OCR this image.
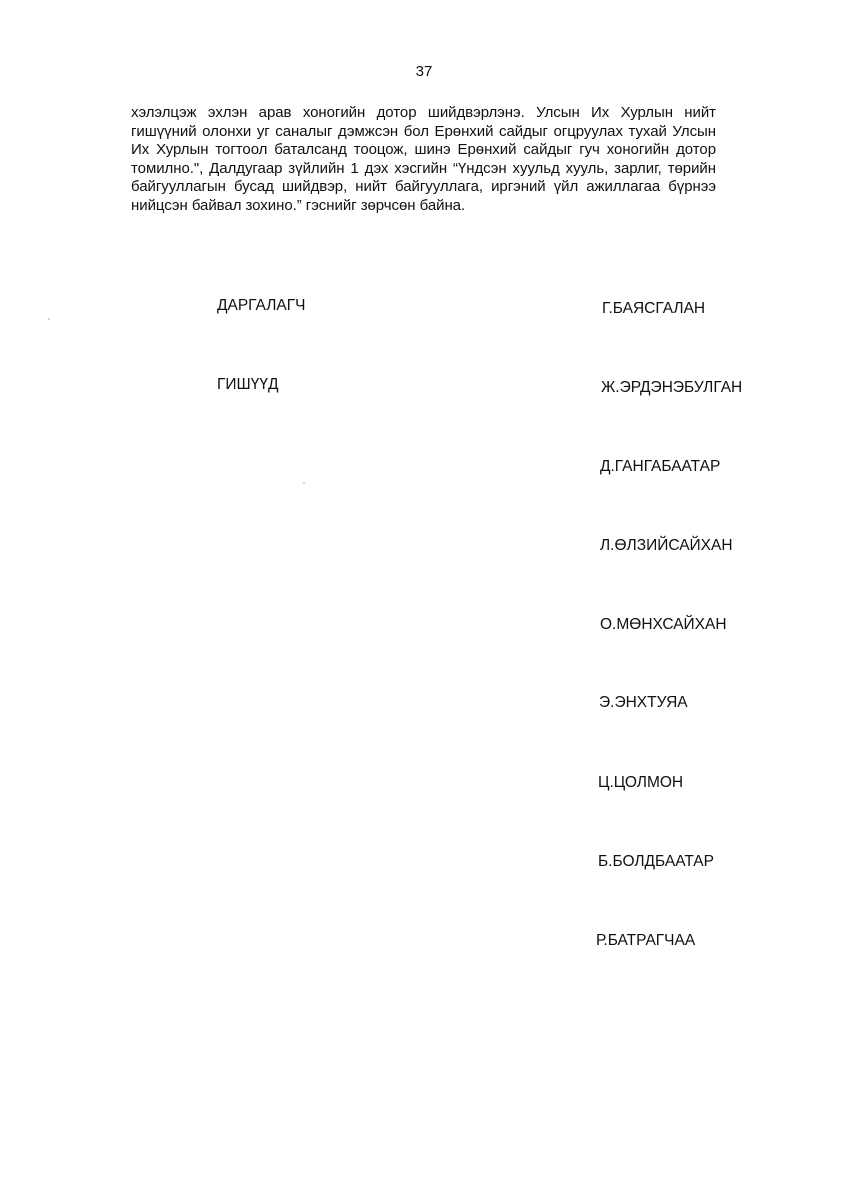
37

хэлэлцэж эхлэн арав хоногийн дотор шийдвэрлэнэ. Улсын Их Хурлын нийт гишүүний олонхи уг саналыг дэмжсэн бол Ерөнхий сайдыг огцруулах тухай Улсын Их Хурлын тогтоол баталсанд тооцож, шинэ Ерөнхий сайдыг гуч хоногийн дотор томилно.", Далдугаар зүйлийн 1 дэх хэсгийн “Үндсэн хуульд хууль, зарлиг, төрийн байгууллагын бусад шийдвэр, нийт байгууллага, иргэний үйл ажиллагаа бүрнээ нийцсэн байвал зохино.” гэснийг зөрчсөн байна.

ДАРГАЛАГЧ
ГИШҮҮД
Г.БАЯСГАЛАН
Ж.ЭРДЭНЭБУЛГАН
Д.ГАНГАБААТАР
Л.ӨЛЗИЙСАЙХАН
О.МӨНХСАЙХАН
Э.ЭНХТУЯА
Ц.ЦОЛМОН
Б.БОЛДБААТАР
Р.БАТРАГЧАА
